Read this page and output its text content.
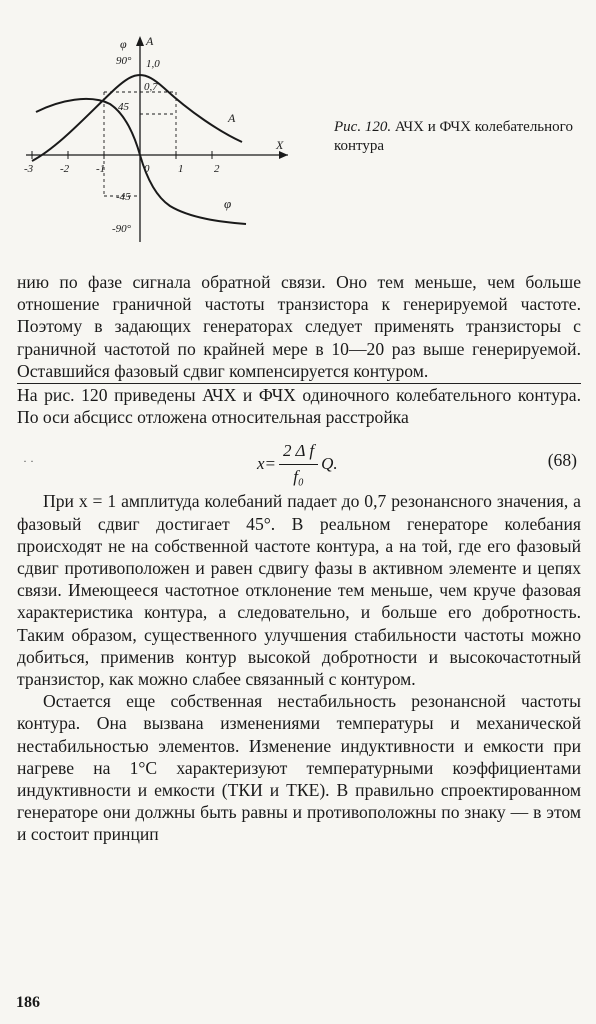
φ A
X
90°
45
-45
-90°
1,0
0,7
-3 -2 -1	0	1	2
A
φ
Рис. 120. АЧХ и ФЧХ колебательного контура

нию по фазе сигнала обратной связи. Оно тем меньше, чем больше отношение граничной частоты транзистора к генерируемой частоте. Поэтому в задающих генераторах следует применять транзисторы с граничной частотой по крайней мере в 10—20 раз выше генерируемой. Оставшийся фазовый сдвиг компенсируется контуром.

На рис. 120 приведены АЧХ и ФЧХ одиночного колебательного контура. По оси абсцисс отложена относительная расстройка

· ·	$x= \frac{\text{2 Δ f}}{\text{f₀}} Q$.	(68)

При x = 1 амплитуда колебаний падает до 0,7 резонансного значения, а фазовый сдвиг достигает 45°. В реальном генераторе колебания происходят не на собственной частоте контура, а на той, где его фазовый сдвиг противоположен и равен сдвигу фазы в активном элементе и цепях связи. Имеющееся частотное отклонение тем меньше, чем круче фазовая характеристика контура, а следовательно, и больше его добротность. Таким образом, существенного улучшения стабильности частоты можно добиться, применив контур высокой добротности и высокочастотный транзистор, как можно слабее связанный с контуром.

Остается еще собственная нестабильность резонансной частоты контура. Она вызвана изменениями температуры и механической нестабильностью элементов. Изменение индуктивности и емкости при нагреве на 1°С характеризуют температурными коэффициентами индуктивности и емкости (ТКИ и ТКЕ). В правильно спроектированном генераторе они должны быть равны и противоположны по знаку — в этом и состоит принцип

186
